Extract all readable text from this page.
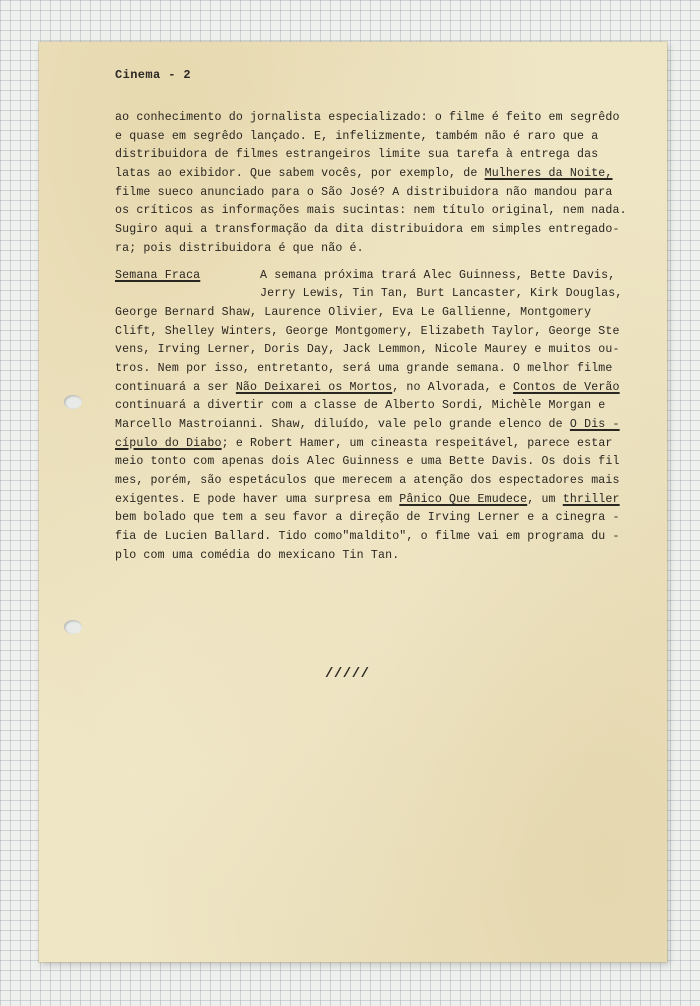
Cinema - 2
ao conhecimento do jornalista especializado: o filme é feito em segrêdo
e quase em segrêdo lançado. E, infelizmente, também não é raro que a
distribuidora de filmes estrangeiros limite sua tarefa à entrega das
latas ao exibidor. Que sabem vocês, por exemplo, de Mulheres da Noite,
filme sueco anunciado para o São José? A distribuidora não mandou para
os críticos as informações mais sucintas: nem título original, nem nada.
Sugiro aqui a transformação da dita distribuidora em simples entregado-
ra; pois distribuidora é que não é.
Semana Fraca	A semana próxima trará Alec Guinness, Bette Davis,
Jerry Lewis, Tin Tan, Burt Lancaster, Kirk Douglas,
George Bernard Shaw, Laurence Olivier, Eva Le Gallienne, Montgomery
Clift, Shelley Winters, George Montgomery, Elizabeth Taylor, George Ste
vens, Irving Lerner, Doris Day, Jack Lemmon, Nicole Maurey e muitos ou-
tros. Nem por isso, entretanto, será uma grande semana. O melhor filme
continuará a ser Não Deixarei os Mortos, no Alvorada, e Contos de Verão
continuará a divertir com a classe de Alberto Sordi, Michèle Morgan e
Marcello Mastroianni. Shaw, diluído, vale pelo grande elenco de O Dis -
cípulo do Diabo; e Robert Hamer, um cineasta respeitável, parece estar
meio tonto com apenas dois Alec Guinness e uma Bette Davis. Os dois fil
mes, porém, são espetáculos que merecem a atenção dos espectadores mais
exigentes. E pode haver uma surpresa em Pânico Que Emudece, um thriller
bem bolado que tem a seu favor a direção de Irving Lerner e a cinegra -
fia de Lucien Ballard. Tido como"maldito", o filme vai em programa du -
plo com uma comédia do mexicano Tin Tan.
/////
